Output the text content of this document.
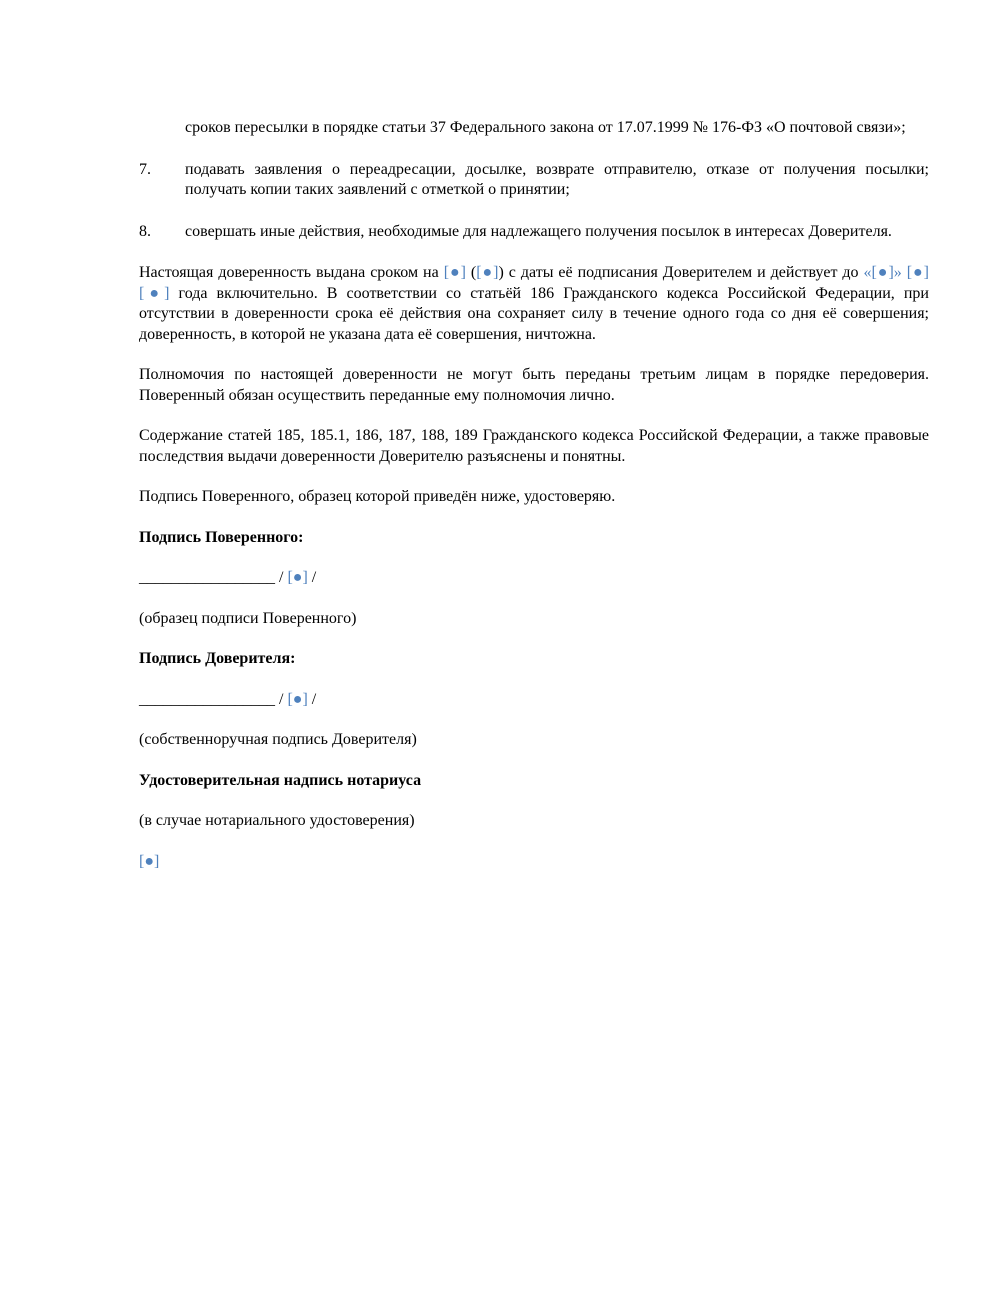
сроков пересылки в порядке статьи 37 Федерального закона от 17.07.1999 № 176-ФЗ «О почтовой связи»;

7.	подавать заявления о переадресации, досылке, возврате отправителю, отказе от получения посылки; получать копии таких заявлений с отметкой о принятии;
8.	совершать иные действия, необходимые для надлежащего получения посылок в интересах Доверителя.

Настоящая доверенность выдана сроком на [●] ([●]) с даты её подписания Доверителем и действует до «[●]» [●] [●] года включительно. В соответствии со статьёй 186 Гражданского кодекса Российской Федерации, при отсутствии в доверенности срока её действия она сохраняет силу в течение одного года со дня её совершения; доверенность, в которой не указана дата её совершения, ничтожна.

Полномочия по настоящей доверенности не могут быть переданы третьим лицам в порядке передоверия. Поверенный обязан осуществить переданные ему полномочия лично.

Содержание статей 185, 185.1, 186, 187, 188, 189 Гражданского кодекса Российской Федерации, а также правовые последствия выдачи доверенности Доверителю разъяснены и понятны.

Подпись Поверенного, образец которой приведён ниже, удостоверяю.

Подпись Поверенного:

_________________ / [●] /

(образец подписи Поверенного)

Подпись Доверителя:

_________________ / [●] /

(собственноручная подпись Доверителя)

Удостоверительная надпись нотариуса

(в случае нотариального удостоверения)

[●]
